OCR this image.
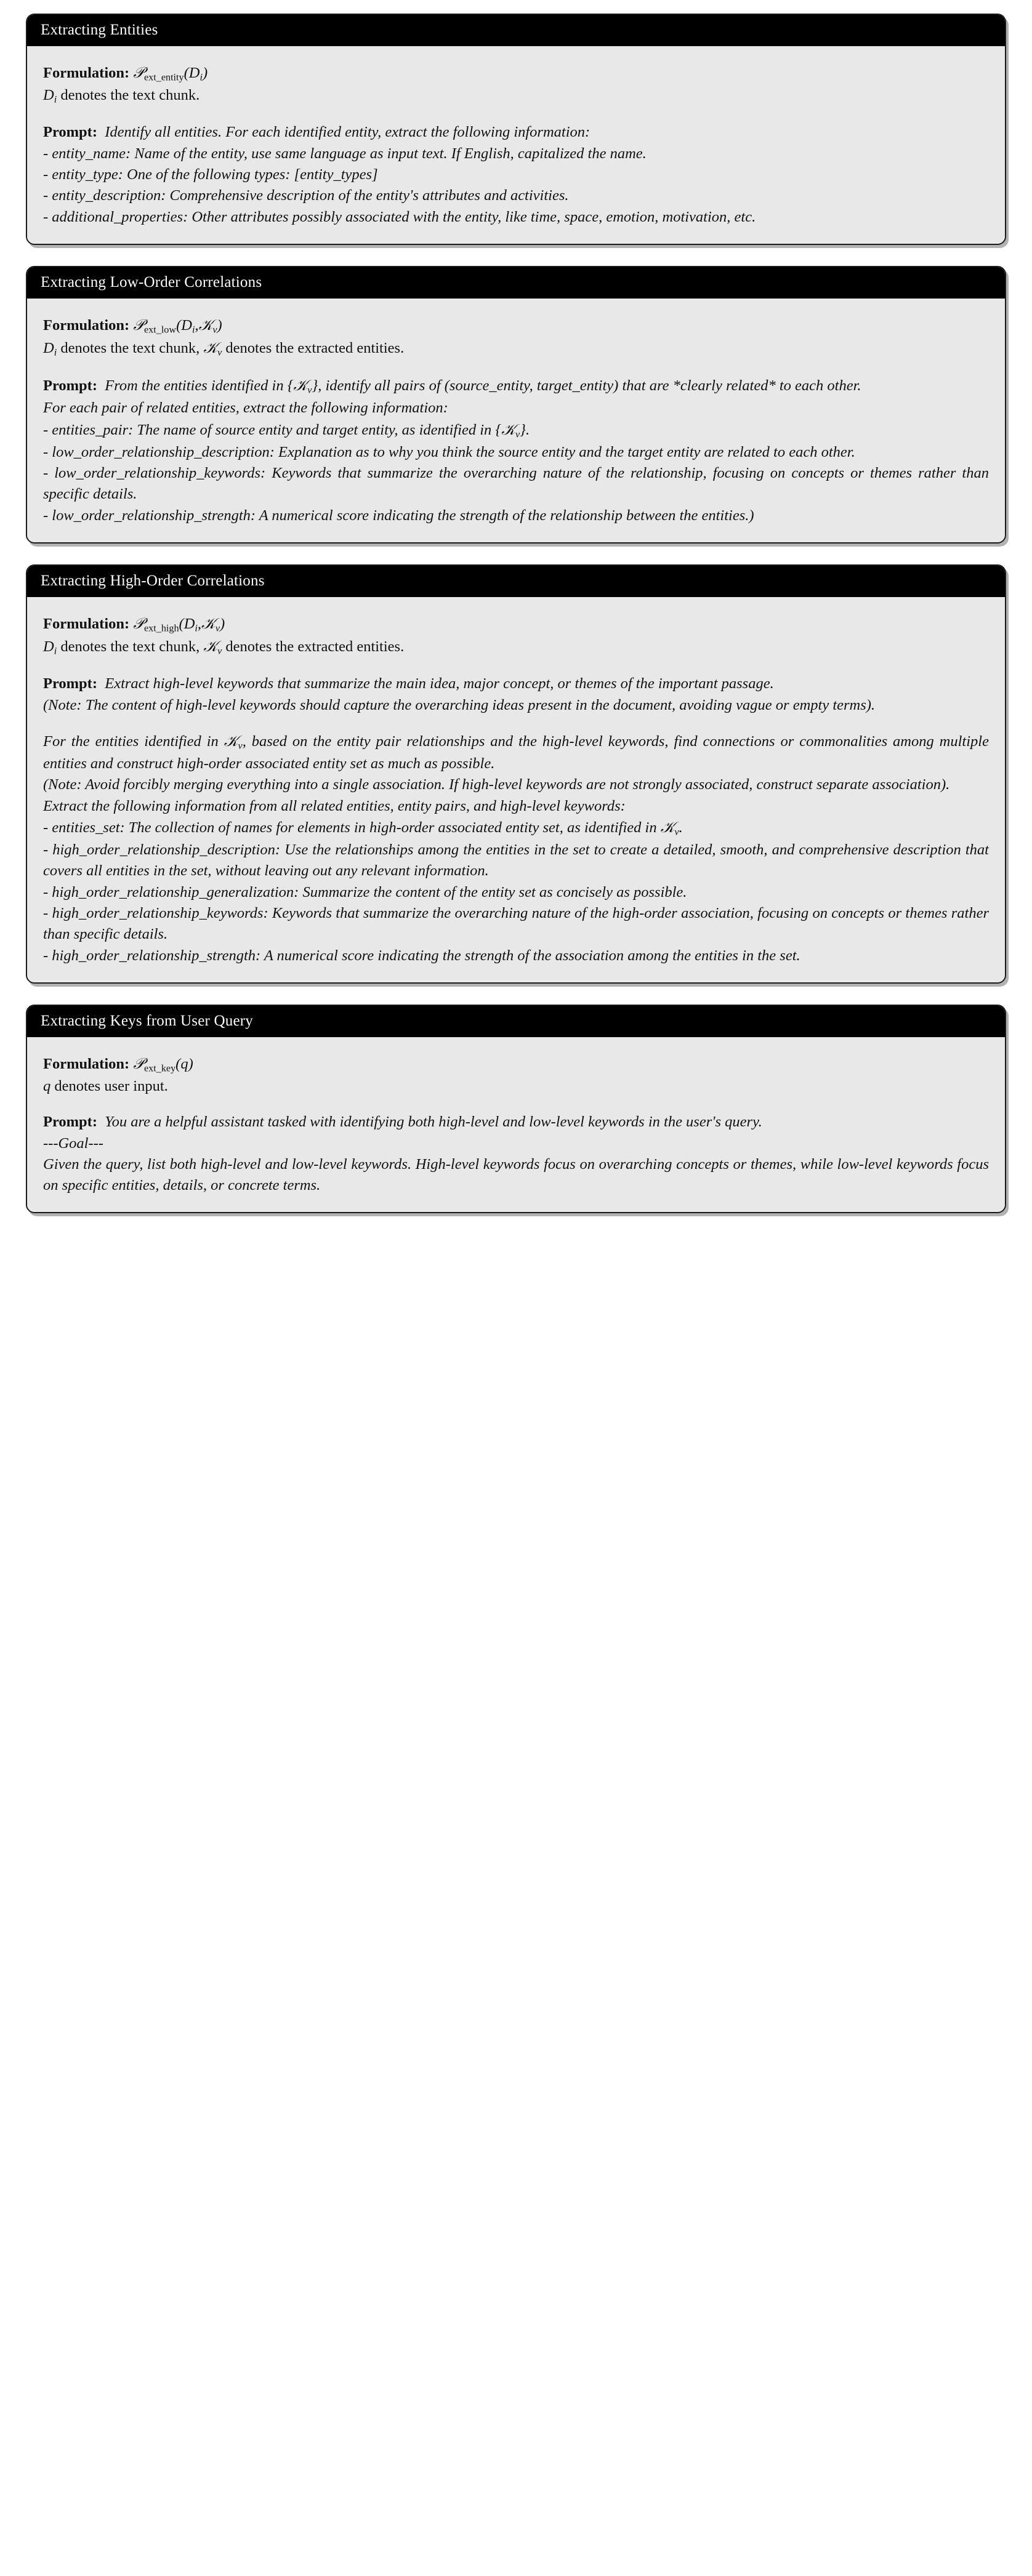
Extracting Entities

Formulation: 𝒫$_{ext\_entity}$(Di)

Di denotes the text chunk.

Prompt: Identify all entities. For each identified entity, extract the following information:

- entity_name: Name of the entity, use same language as input text. If English, capitalized the name.

- entity_type: One of the following types: [entity_types]

- entity_description: Comprehensive description of the entity's attributes and activities.

- additional_properties: Other attributes possibly associated with the entity, like time, space, emotion, motivation, etc.

Extracting Low-Order Correlations

Formulation: 𝒫$_{ext\_low}$(Di,𝒦v)

Di denotes the text chunk, 𝒦v denotes the extracted entities.

Prompt: From the entities identified in {𝒦v}, identify all pairs of (source_entity, target_entity) that are *clearly related* to each other.

For each pair of related entities, extract the following information:

- entities_pair: The name of source entity and target entity, as identified in {𝒦v}.

- low_order_relationship_description: Explanation as to why you think the source entity and the target entity are related to each other.

- low_order_relationship_keywords: Keywords that summarize the overarching nature of the relationship, focusing on concepts or themes rather than specific details.

- low_order_relationship_strength: A numerical score indicating the strength of the relationship between the entities.)

Extracting High-Order Correlations

Formulation: 𝒫$_{ext\_high}$(Di,𝒦v)

Di denotes the text chunk, 𝒦v denotes the extracted entities.

Prompt: Extract high-level keywords that summarize the main idea, major concept, or themes of the important passage.

(Note: The content of high-level keywords should capture the overarching ideas present in the document, avoiding vague or empty terms).

For the entities identified in 𝒦v, based on the entity pair relationships and the high-level keywords, find connections or commonalities among multiple entities and construct high-order associated entity set as much as possible.

(Note: Avoid forcibly merging everything into a single association. If high-level keywords are not strongly associated, construct separate association).

Extract the following information from all related entities, entity pairs, and high-level keywords:

- entities_set: The collection of names for elements in high-order associated entity set, as identified in 𝒦v.

- high_order_relationship_description: Use the relationships among the entities in the set to create a detailed, smooth, and comprehensive description that covers all entities in the set, without leaving out any relevant information.

- high_order_relationship_generalization: Summarize the content of the entity set as concisely as possible.

- high_order_relationship_keywords: Keywords that summarize the overarching nature of the high-order association, focusing on concepts or themes rather than specific details.

- high_order_relationship_strength: A numerical score indicating the strength of the association among the entities in the set.

Extracting Keys from User Query

Formulation: 𝒫$_{ext\_key}$(q)

q denotes user input.

Prompt: You are a helpful assistant tasked with identifying both high-level and low-level keywords in the user's query.

---Goal---

Given the query, list both high-level and low-level keywords. High-level keywords focus on overarching concepts or themes, while low-level keywords focus on specific entities, details, or concrete terms.
